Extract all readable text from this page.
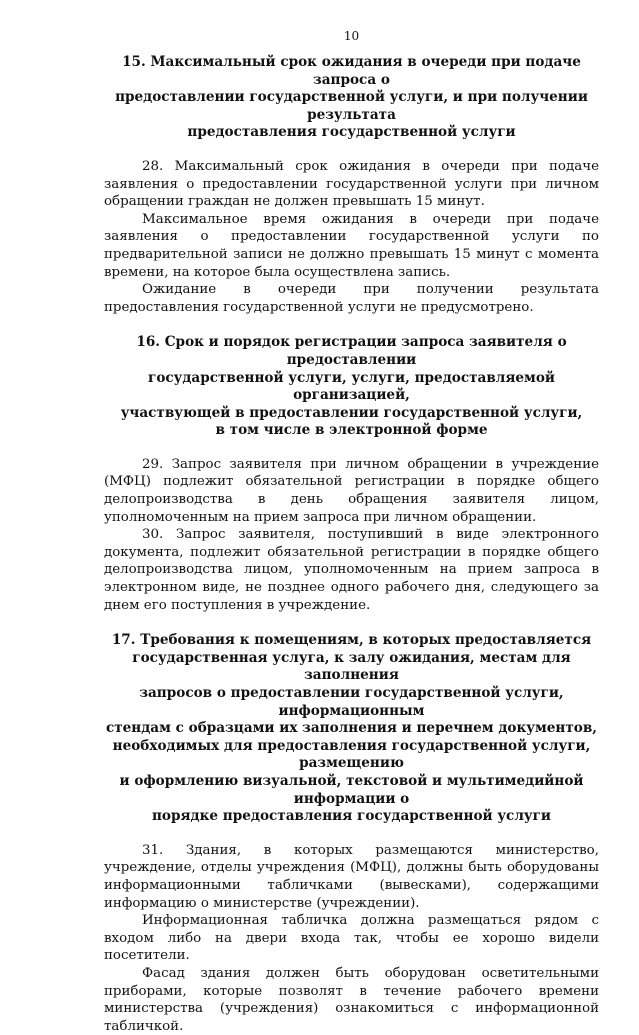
10
15. Максимальный срок ожидания в очереди при подаче запроса о
предоставлении государственной услуги, и при получении результата
предоставления государственной услуги

28. Максимальный срок ожидания в очереди при подаче заявления о предоставлении государственной услуги при личном обращении граждан не должен превышать 15 минут.

Максимальное время ожидания в очереди при подаче заявления о предоставлении государственной услуги по предварительной записи не должно превышать 15 минут с момента времени, на которое была осуществлена запись.

Ожидание в очереди при получении результата предоставления государственной услуги не предусмотрено.

16. Срок и порядок регистрации запроса заявителя о предоставлении
государственной услуги, услуги, предоставляемой организацией,
участвующей в предоставлении государственной услуги,
в том числе в электронной форме

29. Запрос заявителя при личном обращении в учреждение (МФЦ) подлежит обязательной регистрации в порядке общего делопроизводства в день обращения заявителя лицом, уполномоченным на прием запроса при личном обращении.

30. Запрос заявителя, поступивший в виде электронного документа, подлежит обязательной регистрации в порядке общего делопроизводства лицом, уполномоченным на прием запроса в электронном виде, не позднее одного рабочего дня, следующего за днем его поступления в учреждение.

17. Требования к помещениям, в которых предоставляется
государственная услуга, к залу ожидания, местам для заполнения
запросов о предоставлении государственной услуги, информационным
стендам с образцами их заполнения и перечнем документов,
необходимых для предоставления государственной услуги, размещению
и оформлению визуальной, текстовой и мультимедийной информации о
порядке предоставления государственной услуги

31. Здания, в которых размещаются министерство, учреждение, отделы учреждения (МФЦ), должны быть оборудованы информационными табличками (вывесками), содержащими информацию о министерстве (учреждении).

Информационная табличка должна размещаться рядом с входом либо на двери входа так, чтобы ее хорошо видели посетители.

Фасад здания должен быть оборудован осветительными приборами, которые позволят в течение рабочего времени министерства (учреждения) ознакомиться с информационной табличкой.
